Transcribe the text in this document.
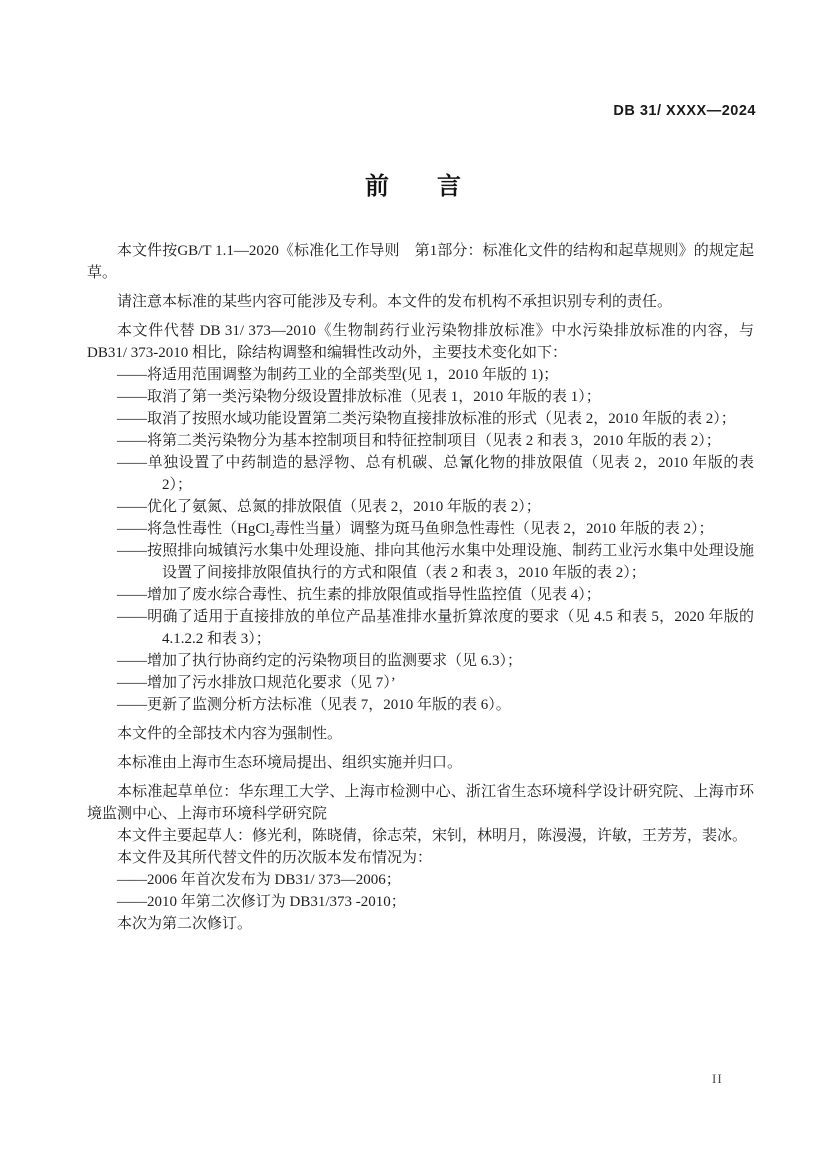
DB 31/ XXXX—2024
前　　言

本文件按GB/T 1.1—2020《标准化工作导则　第1部分：标准化文件的结构和起草规则》的规定起草。

请注意本标准的某些内容可能涉及专利。本文件的发布机构不承担识别专利的责任。

本文件代替 DB 31/ 373—2010《生物制药行业污染物排放标准》中水污染排放标准的内容，与 DB31/ 373-2010 相比，除结构调整和编辑性改动外，主要技术变化如下：

——将适用范围调整为制药工业的全部类型(见 1，2010 年版的 1)；

——取消了第一类污染物分级设置排放标准（见表 1，2010 年版的表 1）；

——取消了按照水域功能设置第二类污染物直接排放标准的形式（见表 2，2010 年版的表 2）；

——将第二类污染物分为基本控制项目和特征控制项目（见表 2 和表 3，2010 年版的表 2）；

——单独设置了中药制造的悬浮物、总有机碳、总氰化物的排放限值（见表 2，2010 年版的表 2）；

——优化了氨氮、总氮的排放限值（见表 2，2010 年版的表 2）；

——将急性毒性（HgCl₂毒性当量）调整为斑马鱼卵急性毒性（见表 2，2010 年版的表 2）；

——按照排向城镇污水集中处理设施、排向其他污水集中处理设施、制药工业污水集中处理设施设置了间接排放限值执行的方式和限值（表 2 和表 3，2010 年版的表 2）；

——增加了废水综合毒性、抗生素的排放限值或指导性监控值（见表 4）；

——明确了适用于直接排放的单位产品基准排水量折算浓度的要求（见 4.5 和表 5，2020 年版的 4.1.2.2 和表 3）；

——增加了执行协商约定的污染物项目的监测要求（见 6.3）；

——增加了污水排放口规范化要求（见 7）’

——更新了监测分析方法标准（见表 7，2010 年版的表 6）。

本文件的全部技术内容为强制性。

本标准由上海市生态环境局提出、组织实施并归口。

本标准起草单位：华东理工大学、上海市检测中心、浙江省生态环境科学设计研究院、上海市环境监测中心、上海市环境科学研究院

本文件主要起草人：修光利，陈晓倩，徐志荣，宋钊，林明月，陈漫漫，许敏，王芳芳，裴冰。

本文件及其所代替文件的历次版本发布情况为：

——2006 年首次发布为 DB31/ 373—2006；

——2010 年第二次修订为 DB31/373 -2010；

本次为第二次修订。

II
